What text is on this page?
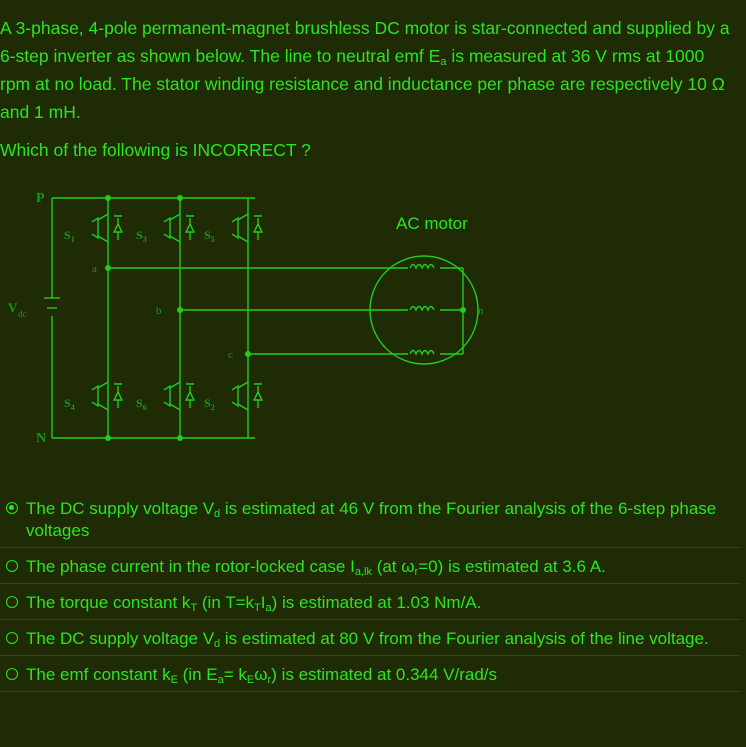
A 3-phase, 4-pole permanent-magnet brushless DC motor is star-connected and supplied by a 6-step inverter as shown below. The line to neutral emf $E_a$ is measured at 36 V rms at 1000 rpm at no load. The stator winding resistance and inductance per phase are respectively 10 Ω and 1 mH.

Which of the following is INCORRECT ?

P
N
V dc
a
b
c
n
AC motor
$S_1$	$S_3$	$S_5$
$S_4$	$S_6$	$S_2$
The DC supply voltage $V_d$ is estimated at 46 V from the Fourier analysis of the 6-step phase voltages
The phase current in the rotor-locked case $I_{a,lk}$ (at $\omega_r=0$) is estimated at 3.6 A.
The torque constant $k_T$ (in $T=k_TI_a$) is estimated at 1.03 Nm/A.
The DC supply voltage $V_d$ is estimated at 80 V from the Fourier analysis of the line voltage.
The emf constant $k_E$ (in $E_a= k_E\omega_r$) is estimated at 0.344 V/rad/s
